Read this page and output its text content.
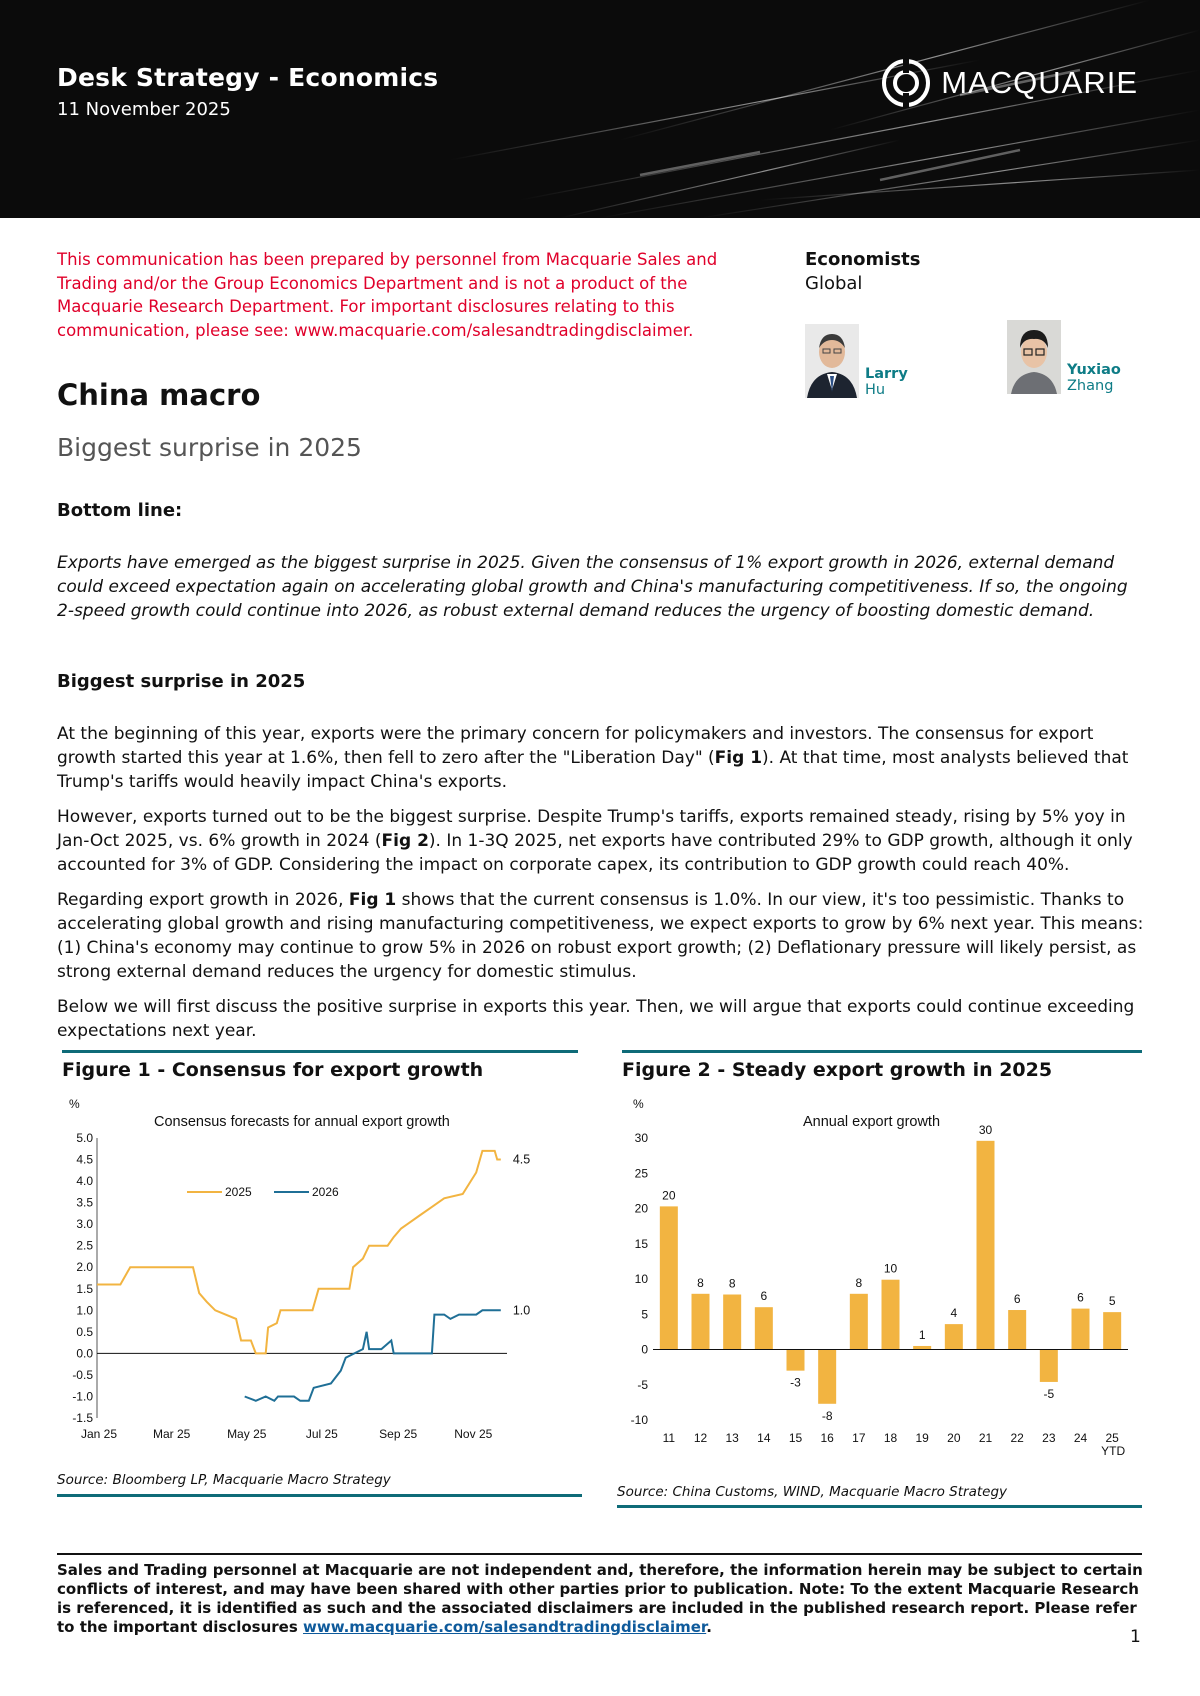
Desk Strategy - Economics
11 November 2025
MACQUARIE
This communication has been prepared by personnel from Macquarie Sales and Trading and/or the Group Economics Department and is not a product of the Macquarie Research Department. For important disclosures relating to this communication, please see: www.macquarie.com/salesandtradingdisclaimer.
Economists
Global
Larry
Hu
Yuxiao
Zhang
China macro
Biggest surprise in 2025
Bottom line:
Exports have emerged as the biggest surprise in 2025. Given the consensus of 1% export growth in 2026, external demand could exceed expectation again on accelerating global growth and China's manufacturing competitiveness. If so, the ongoing 2-speed growth could continue into 2026, as robust external demand reduces the urgency of boosting domestic demand.
Biggest surprise in 2025
At the beginning of this year, exports were the primary concern for policymakers and investors. The consensus for export growth started this year at 1.6%, then fell to zero after the "Liberation Day" (Fig 1). At that time, most analysts believed that Trump's tariffs would heavily impact China's exports.
However, exports turned out to be the biggest surprise. Despite Trump's tariffs, exports remained steady, rising by 5% yoy in Jan-Oct 2025, vs. 6% growth in 2024 (Fig 2). In 1-3Q 2025, net exports have contributed 29% to GDP growth, although it only accounted for 3% of GDP. Considering the impact on corporate capex, its contribution to GDP growth could reach 40%.
Regarding export growth in 2026, Fig 1 shows that the current consensus is 1.0%. In our view, it's too pessimistic. Thanks to accelerating global growth and rising manufacturing competitiveness, we expect exports to grow by 6% next year. This means: (1) China's economy may continue to grow 5% in 2026 on robust export growth; (2) Deflationary pressure will likely persist, as strong external demand reduces the urgency for domestic stimulus.
Below we will first discuss the positive surprise in exports this year. Then, we will argue that exports could continue exceeding expectations next year.
Figure 1 - Consensus for export growth
%
Consensus forecasts for annual export growth
5.0
4.5
4.0
3.5
3.0
2.5
2.0
1.5
1.0
0.5
0.0
-0.5
-1.0
-1.5
Jan 25	Mar 25	May 25	Jul 25	Sep 25	Nov 25
4.5
2025
1.0
2026
Source: Bloomberg LP, Macquarie Macro Strategy
Figure 2 - Steady export growth in 2025
%
Annual export growth
30
25
20
15
10
5
0
-5
-10
20
11
8
12
8
13
6
14
-3
15
-8
16
8
17
10
18
1
19
4
20
30
21
6
22
-5
23
6
24
5
25
YTD
Source: China Customs, WIND, Macquarie Macro Strategy
Sales and Trading personnel at Macquarie are not independent and, therefore, the information herein may be subject to certain conflicts of interest, and may have been shared with other parties prior to publication. Note: To the extent Macquarie Research is referenced, it is identified as such and the associated disclaimers are included in the published research report. Please refer to the important disclosures www.macquarie.com/salesandtradingdisclaimer.	1
